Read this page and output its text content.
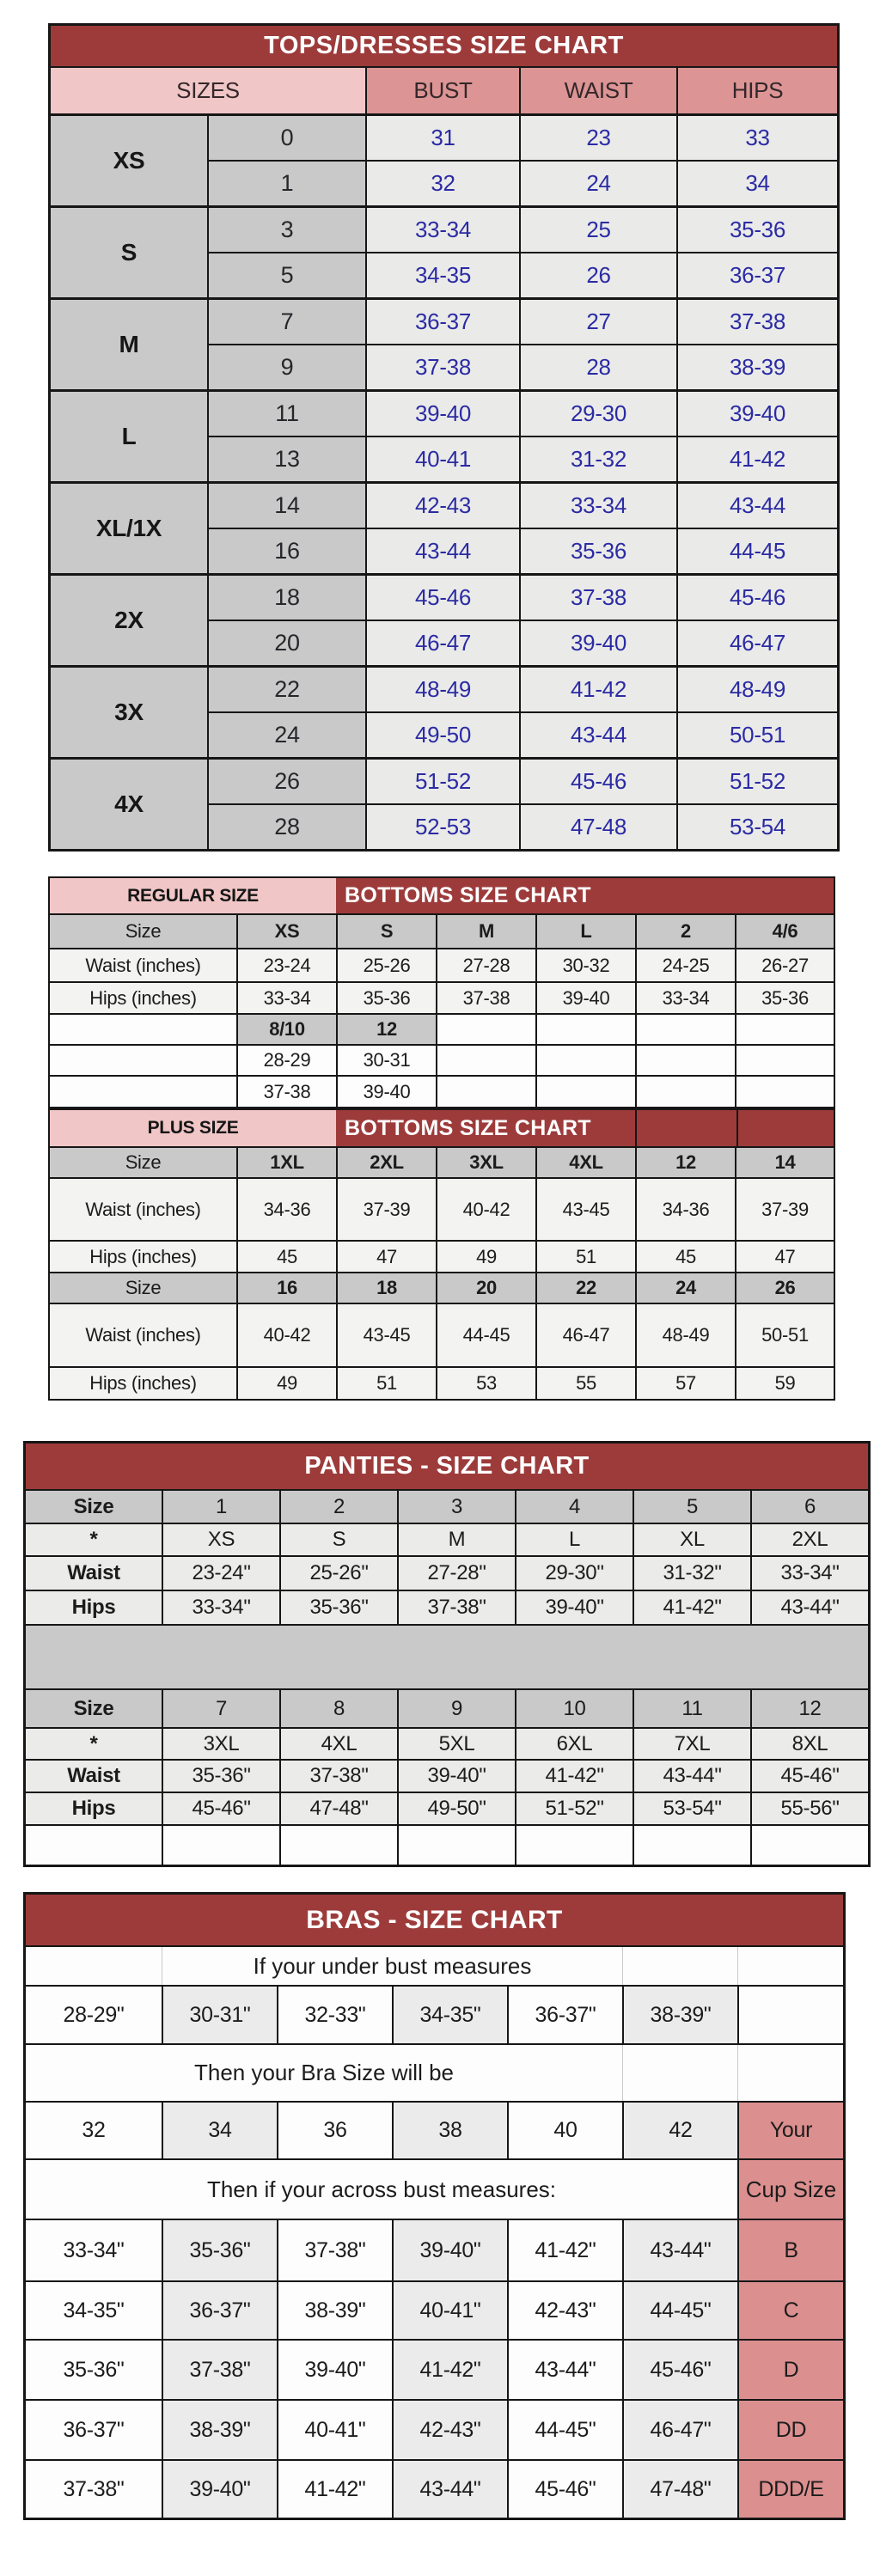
TOPS/DRESSES SIZE CHART
SIZES	BUST	WAIST	HIPS
XS
0	31	23	33
1	32	24	34
S
3	33-34	25	35-36
5	34-35	26	36-37
M
7	36-37	27	37-38
9	37-38	28	38-39
L
11	39-40	29-30	39-40
13	40-41	31-32	41-42
XL/1X
14	42-43	33-34	43-44
16	43-44	35-36	44-45
2X
18	45-46	37-38	45-46
20	46-47	39-40	46-47
3X
22	48-49	41-42	48-49
24	49-50	43-44	50-51
4X
26	51-52	45-46	51-52
28	52-53	47-48	53-54
REGULAR SIZE	BOTTOMS SIZE CHART
Size	XS	S	M	L	2	4/6
Waist (inches)	23-24	25-26	27-28	30-32	24-25	26-27
Hips (inches)	33-34	35-36	37-38	39-40	33-34	35-36
8/10	12
28-29	30-31
37-38	39-40
PLUS SIZE	BOTTOMS SIZE CHART
Size	1XL	2XL	3XL	4XL	12	14
Waist (inches)	34-36	37-39	40-42	43-45	34-36	37-39
Hips (inches)	45	47	49	51	45	47
Size	16	18	20	22	24	26
Waist (inches)	40-42	43-45	44-45	46-47	48-49	50-51
Hips (inches)	49	51	53	55	57	59
PANTIES - SIZE CHART
Size	1	2	3	4	5	6
*	XS	S	M	L	XL	2XL
Waist	23-24"	25-26"	27-28"	29-30"	31-32"	33-34"
Hips	33-34"	35-36"	37-38"	39-40"	41-42"	43-44"
Size	7	8	9	10	11	12
*	3XL	4XL	5XL	6XL	7XL	8XL
Waist	35-36"	37-38"	39-40"	41-42"	43-44"	45-46"
Hips	45-46"	47-48"	49-50"	51-52"	53-54"	55-56"
BRAS - SIZE CHART
If your under bust measures
28-29"	30-31"	32-33"	34-35"	36-37"	38-39"
Then your Bra Size will be
32	34	36	38	40	42	Your
Then if your across bust measures:	Cup Size
33-34"	35-36"	37-38"	39-40"	41-42"	43-44"	B
34-35"	36-37"	38-39"	40-41"	42-43"	44-45"	C
35-36"	37-38"	39-40"	41-42"	43-44"	45-46"	D
36-37"	38-39"	40-41"	42-43"	44-45"	46-47"	DD
37-38"	39-40"	41-42"	43-44"	45-46"	47-48"	DDD/E
